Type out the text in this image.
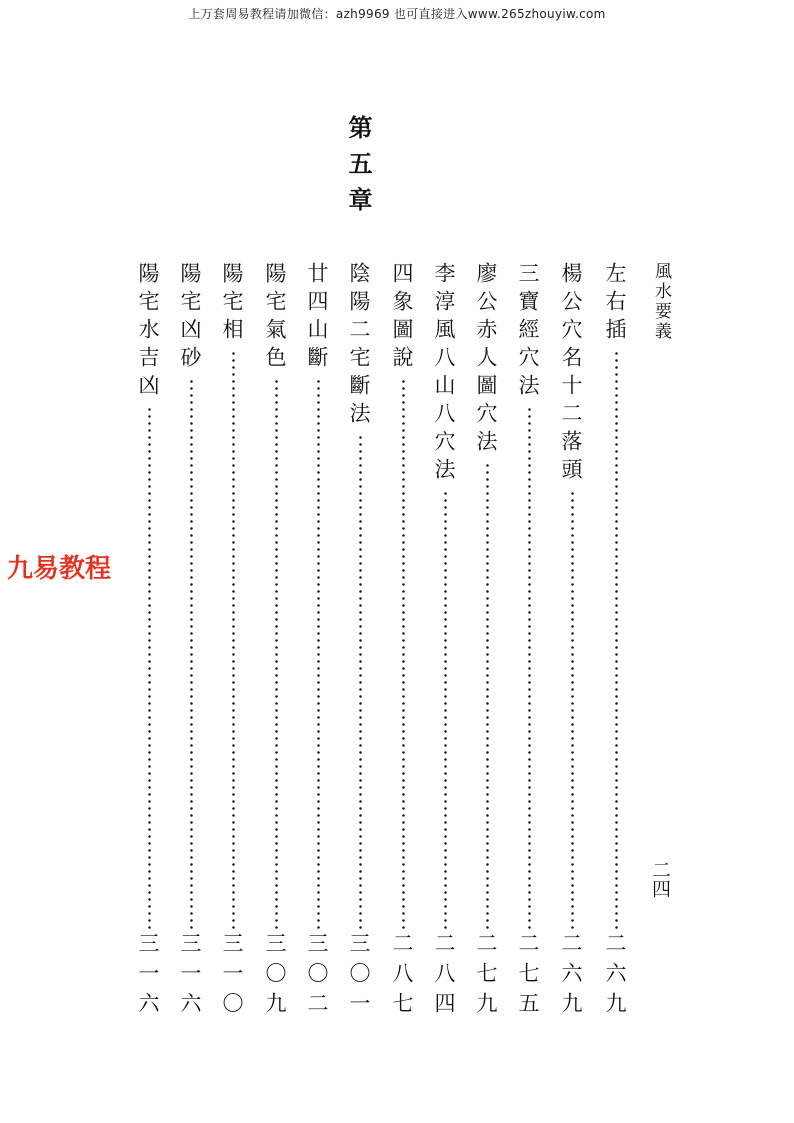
上万套周易教程请加微信：azh9969 也可直接进入www.265zhouyiw.com
風水要義
二四
第五章
九易教程
左右插
二六九
楊公穴名十二落頭
二六九
三寶經穴法
二七五
廖公赤人圖穴法
二七九
李淳風八山八穴法
二八四
四象圖說
二八七
陰陽二宅斷法
三〇一
廿四山斷
三〇二
陽宅氣色
三〇九
陽宅相
三一〇
陽宅凶砂
三一六
陽宅水吉凶
三一六
